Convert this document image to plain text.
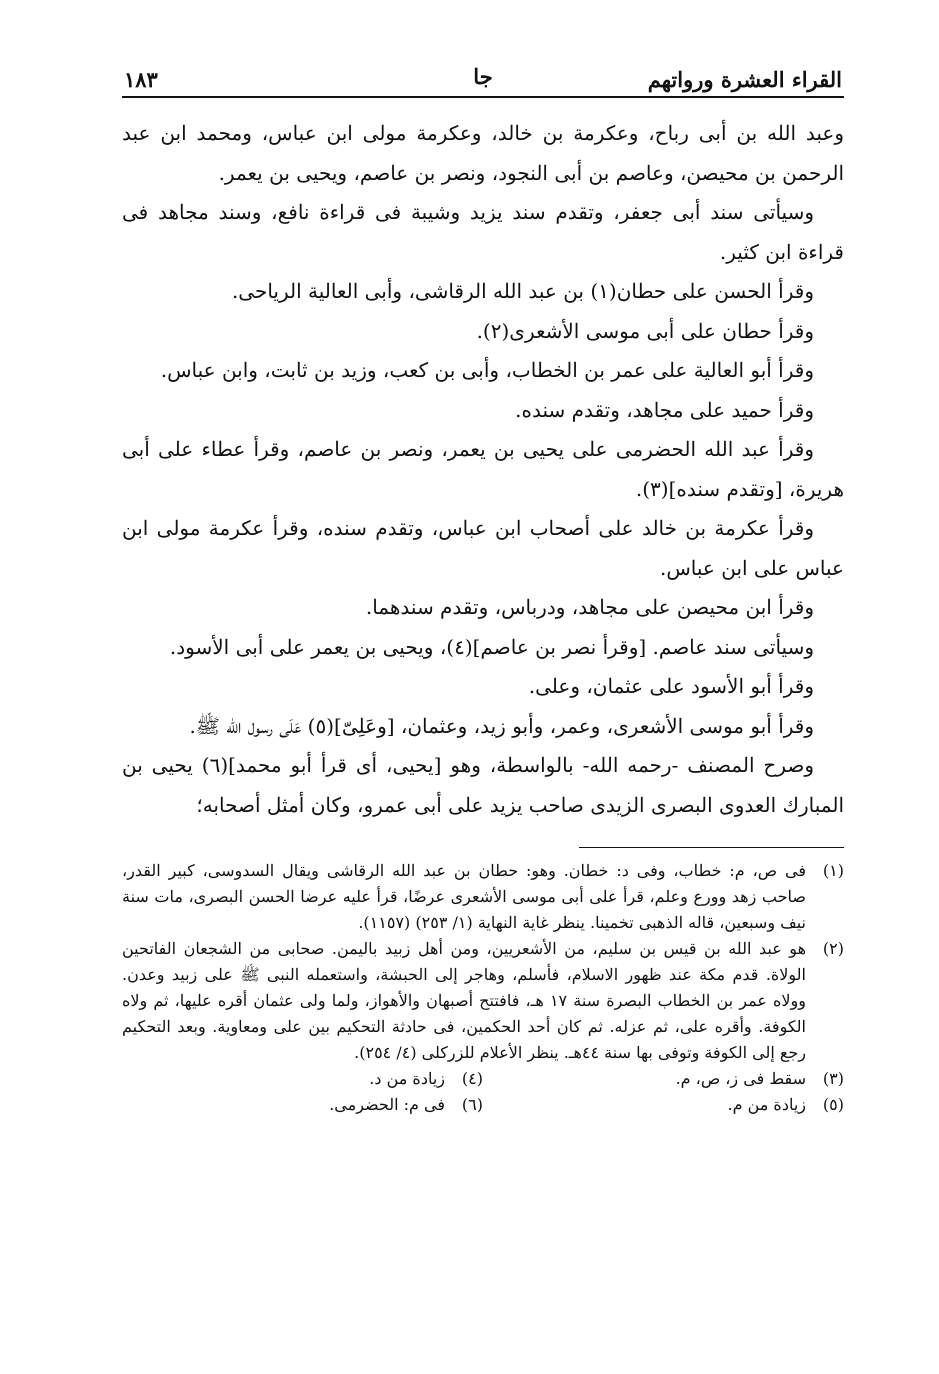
القراء العشرة ورواتهم
جا
١٨٣

وعبد الله بن أبى رباح، وعكرمة بن خالد، وعكرمة مولى ابن عباس، ومحمد ابن عبد الرحمن بن محيصن، وعاصم بن أبى النجود، ونصر بن عاصم، ويحيى بن يعمر.

وسيأتى سند أبى جعفر، وتقدم سند يزيد وشيبة فى قراءة نافع، وسند مجاهد فى قراءة ابن كثير.

وقرأ الحسن على حطان(١) بن عبد الله الرقاشى، وأبى العالية الرياحى.

وقرأ حطان على أبى موسى الأشعرى(٢).

وقرأ أبو العالية على عمر بن الخطاب، وأبى بن كعب، وزيد بن ثابت، وابن عباس.

وقرأ حميد على مجاهد، وتقدم سنده.

وقرأ عبد الله الحضرمى على يحيى بن يعمر، ونصر بن عاصم، وقرأ عطاء على أبى هريرة، [وتقدم سنده](٣).

وقرأ عكرمة بن خالد على أصحاب ابن عباس، وتقدم سنده، وقرأ عكرمة مولى ابن عباس على ابن عباس.

وقرأ ابن محيصن على مجاهد، ودرباس، وتقدم سندهما.

وسيأتى سند عاصم. [وقرأ نصر بن عاصم](٤)، ويحيى بن يعمر على أبى الأسود.

وقرأ أبو الأسود على عثمان، وعلى.

وقرأ أبو موسى الأشعرى، وعمر، وأبو زيد، وعثمان، [وعَلِىّ](٥) عَلَى رسول الله ﷺ.

وصرح المصنف -رحمه الله- بالواسطة، وهو [يحيى، أى قرأ أبو محمد](٦) يحيى بن المبارك العدوى البصرى الزيدى صاحب يزيد على أبى عمرو، وكان أمثل أصحابه؛

(١)
فى ص، م: خطاب، وفى د: خطان. وهو: حطان بن عبد الله الرقاشى ويقال السدوسى، كبير القدر، صاحب زهد وورع وعلم، قرأ على أبى موسى الأشعرى عرضًا، قرأ عليه عرضا الحسن البصرى، مات سنة نيف وسبعين، قاله الذهبى تخمينا. ينظر غاية النهاية (١/ ٢٥٣) (١١٥٧).
(٢)
هو عبد الله بن قيس بن سليم، من الأشعريين، ومن أهل زبيد باليمن. صحابى من الشجعان الفاتحين الولاة. قدم مكة عند ظهور الاسلام، فأسلم، وهاجر إلى الحبشة، واستعمله النبى ﷺ على زبيد وعدن. وولاه عمر بن الخطاب البصرة سنة ١٧ هـ، فافتتح أصبهان والأهواز، ولما ولى عثمان أقره عليها، ثم ولاه الكوفة. وأقره على، ثم عزله. ثم كان أحد الحكمين، فى حادثة التحكيم بين على ومعاوية. وبعد التحكيم رجع إلى الكوفة وتوفى بها سنة ٤٤هـ. ينظر الأعلام للزركلى (٤/ ٢٥٤).
(٣)
سقط فى ز، ص، م.
(٤)
زيادة من د.
(٥)
زيادة من م.
(٦)
فى م: الحضرمى.
